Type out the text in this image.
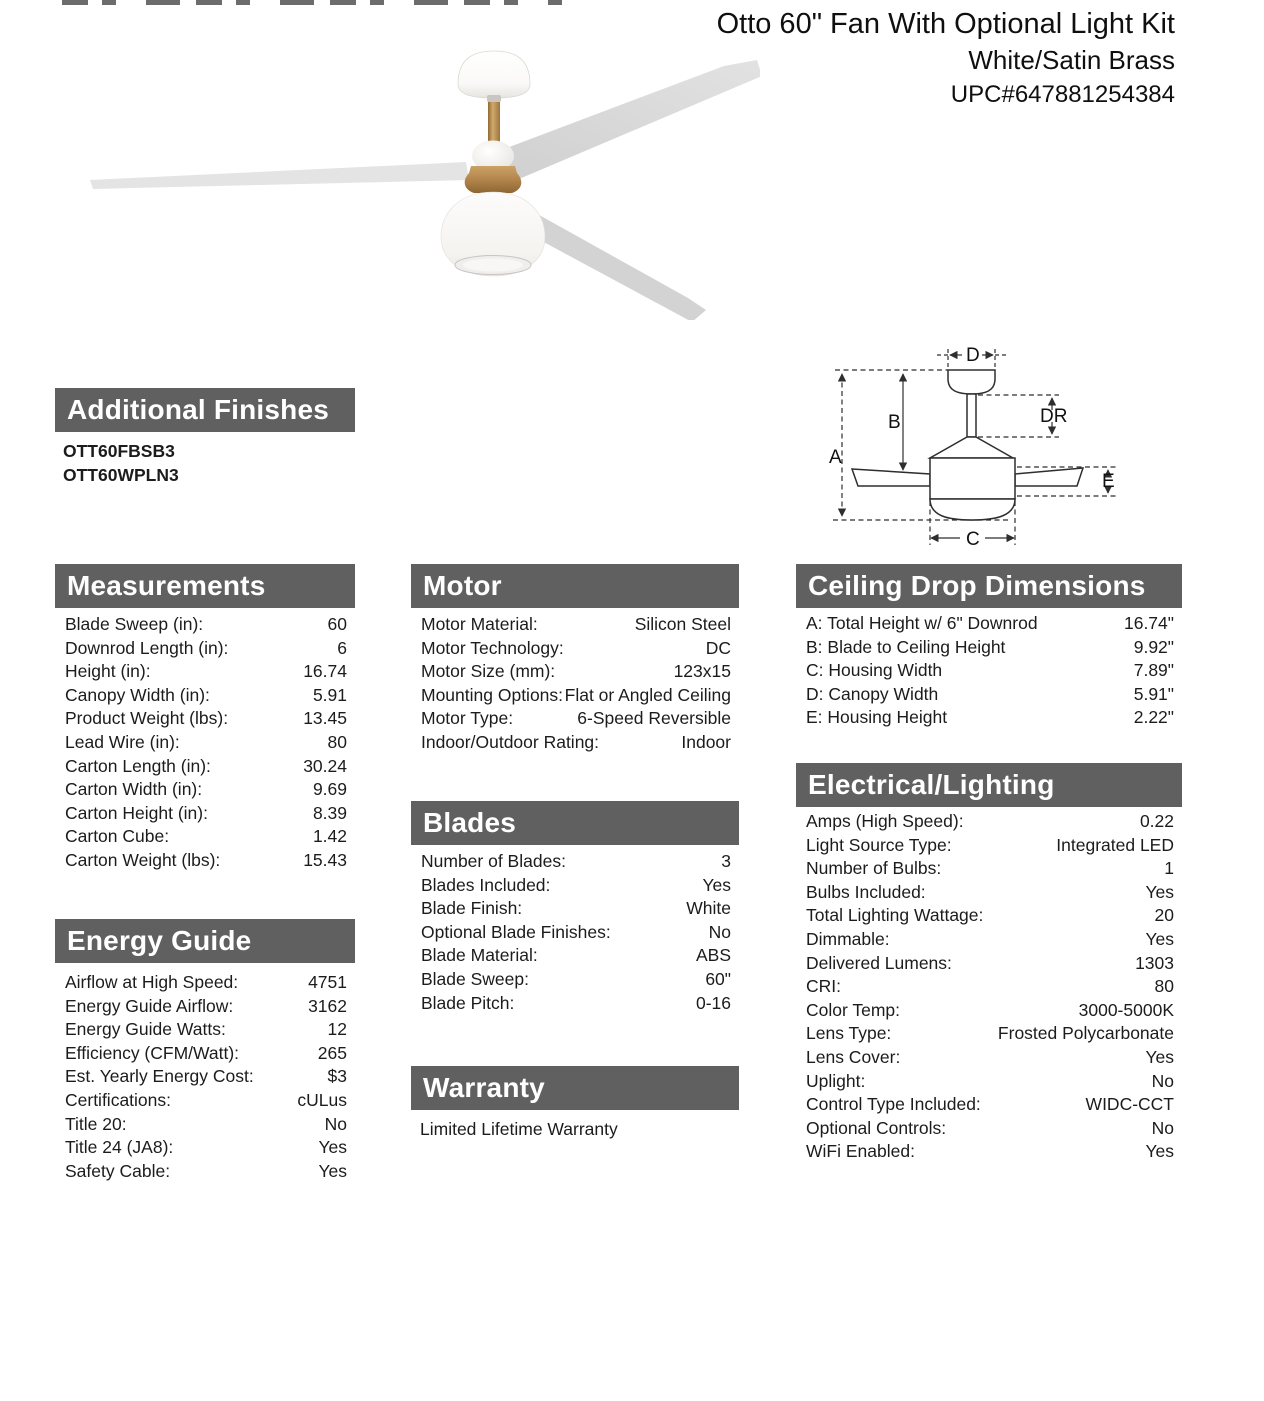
Otto 60" Fan With Optional Light Kit
White/Satin Brass
UPC#647881254384
A
B
C
D
DR
E
Additional Finishes
OTT60FBSB3
OTT60WPLN3
Measurements
Blade Sweep (in):	60
Downrod Length (in):	6
Height (in):	16.74
Canopy Width (in):	5.91
Product Weight (lbs):	13.45
Lead Wire (in):	80
Carton Length (in):	30.24
Carton Width (in):	9.69
Carton Height (in):	8.39
Carton Cube:	1.42
Carton Weight (lbs):	15.43
Energy Guide
Airflow at High Speed:	4751
Energy Guide Airflow:	3162
Energy Guide Watts:	12
Efficiency (CFM/Watt):	265
Est. Yearly Energy Cost:	$3
Certifications:	cULus
Title 20:	No
Title 24 (JA8):	Yes
Safety Cable:	Yes
Motor
Motor Material:	Silicon Steel
Motor Technology:	DC
Motor Size (mm):	123x15
Mounting Options: Flat or Angled Ceiling
Motor Type:	6-Speed Reversible
Indoor/Outdoor Rating:	Indoor
Blades
Number of Blades:	3
Blades Included:	Yes
Blade Finish:	White
Optional Blade Finishes:	No
Blade Material:	ABS
Blade Sweep:	60"
Blade Pitch:	0-16
Warranty
Limited Lifetime Warranty
Ceiling Drop Dimensions
A: Total Height w/ 6" Downrod	16.74"
B: Blade to Ceiling Height	9.92"
C: Housing Width	7.89"
D: Canopy Width	5.91"
E: Housing Height	2.22"
Electrical/Lighting
Amps (High Speed):	0.22
Light Source Type:	Integrated LED
Number of Bulbs:	1
Bulbs Included:	Yes
Total Lighting Wattage:	20
Dimmable:	Yes
Delivered Lumens:	1303
CRI:	80
Color Temp:	3000-5000K
Lens Type:	Frosted Polycarbonate
Lens Cover:	Yes
Uplight:	No
Control Type Included:	WIDC-CCT
Optional Controls:	No
WiFi Enabled:	Yes
